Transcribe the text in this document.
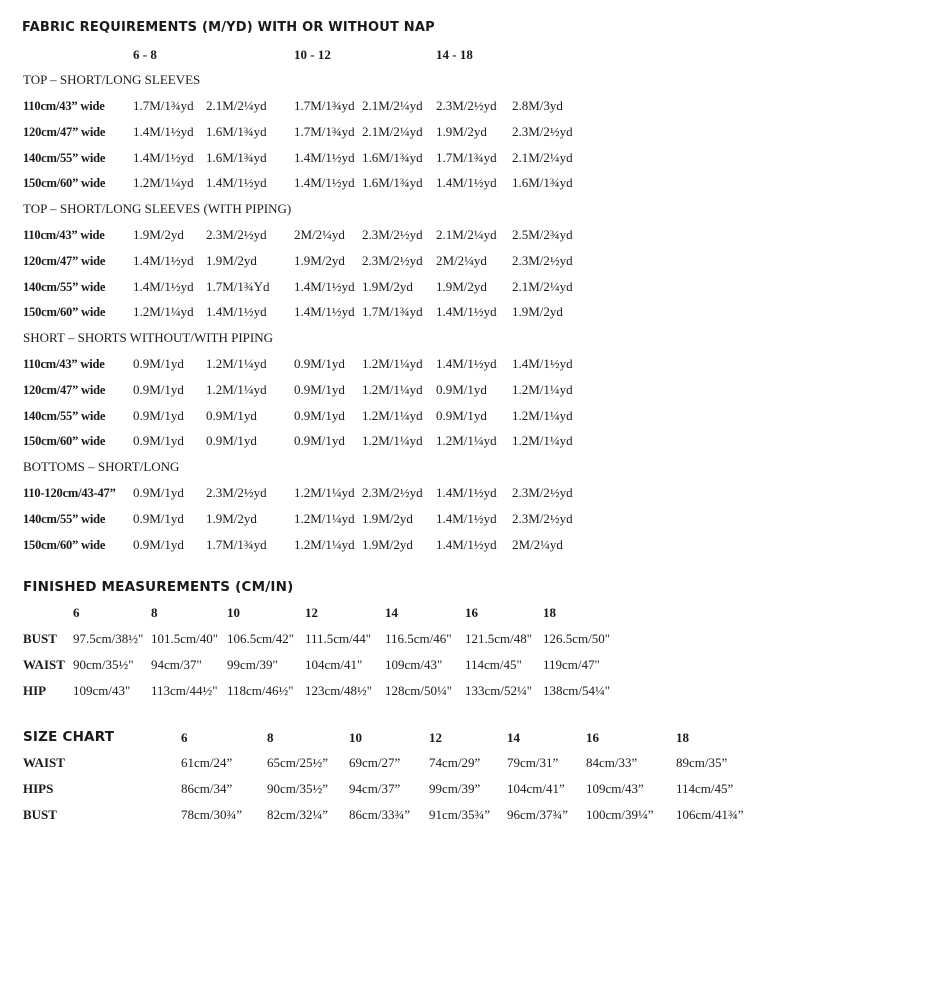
FABRIC REQUIREMENTS (M/YD) WITH OR WITHOUT NAP
6 - 8	10 - 12	14 - 18
TOP – SHORT/LONG SLEEVES
110cm/43” wide 1.7M/1¾yd 2.1M/2¼yd 1.7M/1¾yd 2.1M/2¼yd 2.3M/2½yd 2.8M/3yd
120cm/47” wide 1.4M/1½yd 1.6M/1¾yd 1.7M/1¾yd 2.1M/2¼yd 1.9M/2yd 2.3M/2½yd
140cm/55” wide 1.4M/1½yd 1.6M/1¾yd 1.4M/1½yd 1.6M/1¾yd 1.7M/1¾yd 2.1M/2¼yd
150cm/60” wide 1.2M/1¼yd 1.4M/1½yd 1.4M/1½yd 1.6M/1¾yd 1.4M/1½yd 1.6M/1¾yd
TOP – SHORT/LONG SLEEVES (WITH PIPING)
110cm/43” wide 1.9M/2yd 2.3M/2½yd 2M/2¼yd 2.3M/2½yd 2.1M/2¼yd 2.5M/2¾yd
120cm/47” wide 1.4M/1½yd 1.9M/2yd	1.9M/2yd 2.3M/2½yd 2M/2¼yd 2.3M/2½yd
140cm/55” wide 1.4M/1½yd 1.7M/1¾Yd 1.4M/1½yd 1.9M/2yd 1.9M/2yd 2.1M/2¼yd
150cm/60” wide 1.2M/1¼yd 1.4M/1½yd 1.4M/1½yd 1.7M/1¾yd 1.4M/1½yd 1.9M/2yd
SHORT – SHORTS WITHOUT/WITH PIPING
110cm/43” wide 0.9M/1yd 1.2M/1¼yd 0.9M/1yd 1.2M/1¼yd 1.4M/1½yd 1.4M/1½yd
120cm/47” wide 0.9M/1yd 1.2M/1¼yd 0.9M/1yd 1.2M/1¼yd 0.9M/1yd 1.2M/1¼yd
140cm/55” wide 0.9M/1yd 0.9M/1yd	0.9M/1yd 1.2M/1¼yd 0.9M/1yd 1.2M/1¼yd
150cm/60” wide 0.9M/1yd 0.9M/1yd	0.9M/1yd 1.2M/1¼yd 1.2M/1¼yd 1.2M/1¼yd
BOTTOMS – SHORT/LONG
110-120cm/43-47” 0.9M/1yd 2.3M/2½yd 1.2M/1¼yd 2.3M/2½yd 1.4M/1½yd 2.3M/2½yd
140cm/55” wide 0.9M/1yd 1.9M/2yd	1.2M/1¼yd 1.9M/2yd 1.4M/1½yd 2.3M/2½yd
150cm/60” wide 0.9M/1yd 1.7M/1¾yd 1.2M/1¼yd 1.9M/2yd 1.4M/1½yd 2M/2¼yd
FINISHED MEASUREMENTS (CM/IN)
6	8	10	12	14	16	18
BUST 97.5cm/38½" 101.5cm/40" 106.5cm/42" 111.5cm/44" 116.5cm/46" 121.5cm/48" 126.5cm/50"
WAIST 90cm/35½" 94cm/37" 99cm/39" 104cm/41" 109cm/43" 114cm/45" 119cm/47"
HIP 109cm/43" 113cm/44½" 118cm/46½" 123cm/48½" 128cm/50¼" 133cm/52¼" 138cm/54¼"
SIZE CHART	6	8	10	12	14	16	18
WAIST	61cm/24”	65cm/25½” 69cm/27” 74cm/29” 79cm/31” 84cm/33”	89cm/35”
HIPS	86cm/34”	90cm/35½” 94cm/37” 99cm/39” 104cm/41” 109cm/43” 114cm/45”
BUST	78cm/30¾” 82cm/32¼” 86cm/33¾” 91cm/35¾” 96cm/37¾” 100cm/39¼” 106cm/41¾”
